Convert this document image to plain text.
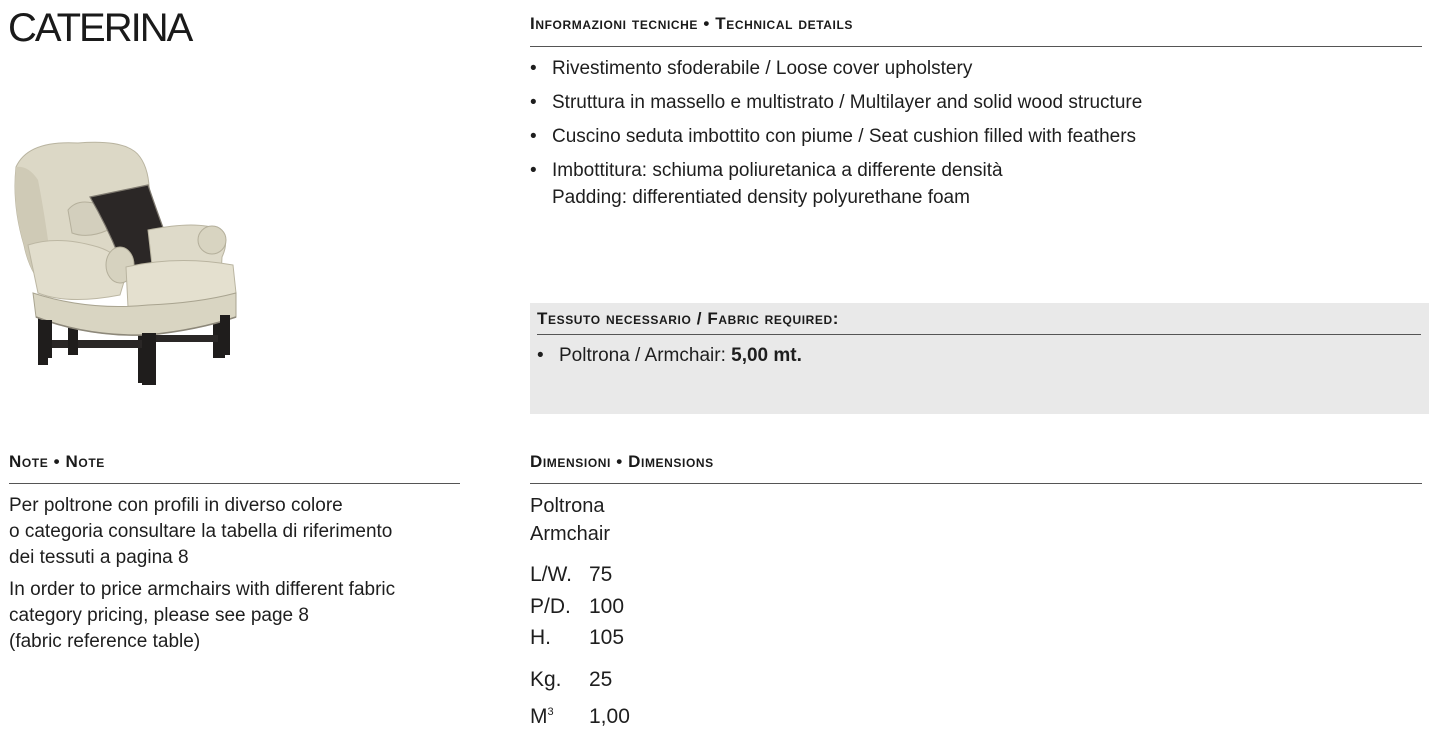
CATERINA	Informazioni tecniche • Technical details
• Rivestimento sfoderabile / Loose cover upholstery
• Struttura in massello e multistrato / Multilayer and solid wood structure
• Cuscino seduta imbottito con piume / Seat cushion filled with feathers
• Imbottitura: schiuma poliuretanica a differente densità
Padding: differentiated density polyurethane foam
Tessuto necessario / Fabric required:
• Poltrona / Armchair: 5,00 mt.
Note • Note

Per poltrone con profili in diverso colore
o categoria consultare la tabella di riferimento
dei tessuti a pagina 8

In order to price armchairs with different fabric
category pricing, please see page 8
(fabric reference table)

Dimensioni • Dimensions

Poltrona
Armchair

L/W. 75
P/D. 100
H. 105
Kg. 25
$M^3$ 1,00
